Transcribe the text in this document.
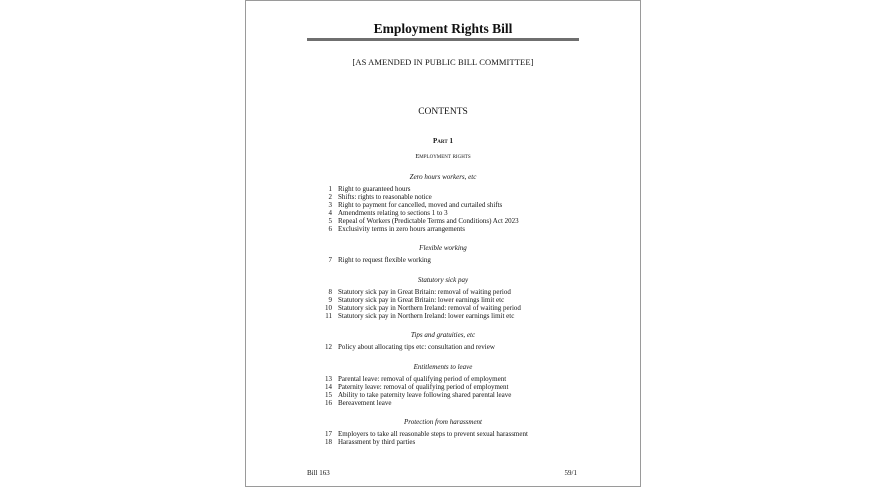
Employment Rights Bill
[AS AMENDED IN PUBLIC BILL COMMITTEE]
CONTENTS
Part 1
Employment rights
Zero hours workers, etc
1 Right to guaranteed hours
2 Shifts: rights to reasonable notice
3 Right to payment for cancelled, moved and curtailed shifts
4 Amendments relating to sections 1 to 3
5 Repeal of Workers (Predictable Terms and Conditions) Act 2023
6 Exclusivity terms in zero hours arrangements
Flexible working
7 Right to request flexible working
Statutory sick pay
8 Statutory sick pay in Great Britain: removal of waiting period
9 Statutory sick pay in Great Britain: lower earnings limit etc
10 Statutory sick pay in Northern Ireland: removal of waiting period
11 Statutory sick pay in Northern Ireland: lower earnings limit etc
Tips and gratuities, etc
12 Policy about allocating tips etc: consultation and review
Entitlements to leave
13 Parental leave: removal of qualifying period of employment
14 Paternity leave: removal of qualifying period of employment
15 Ability to take paternity leave following shared parental leave
16 Bereavement leave
Protection from harassment
17 Employers to take all reasonable steps to prevent sexual harassment
18 Harassment by third parties
Bill 163	59/1
